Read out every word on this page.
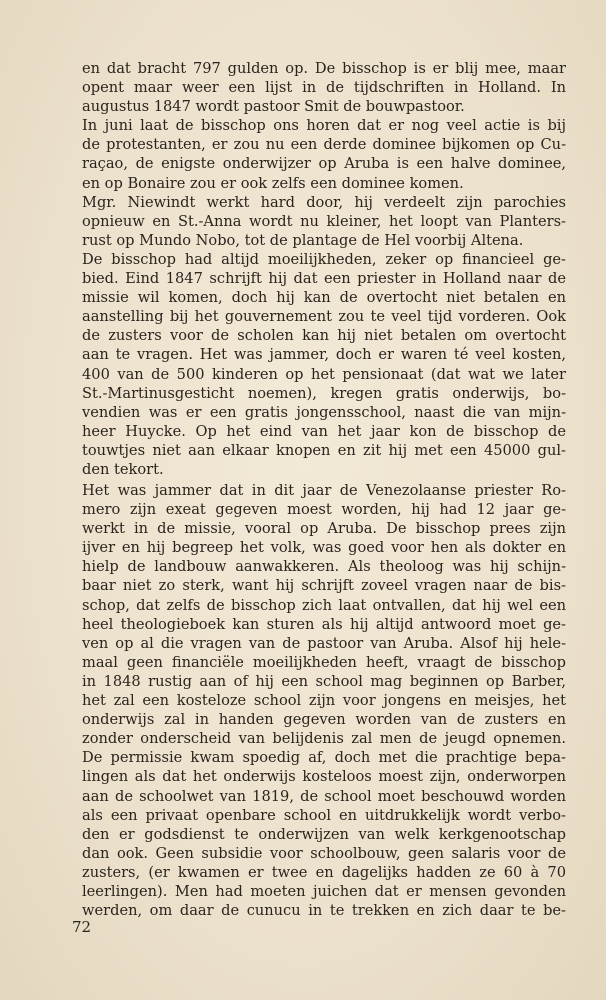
en dat bracht 797 gulden op. De bisschop is er blij mee, maar
opent maar weer een lijst in de tijdschriften in Holland. In
augustus 1847 wordt pastoor Smit de bouwpastoor.
In juni laat de bisschop ons horen dat er nog veel actie is bij
de protestanten, er zou nu een derde dominee bijkomen op Cu-
raçao, de enigste onderwijzer op Aruba is een halve dominee,
en op Bonaire zou er ook zelfs een dominee komen.
Mgr. Niewindt werkt hard door, hij verdeelt zijn parochies
opnieuw en St.-Anna wordt nu kleiner, het loopt van Planters-
rust op Mundo Nobo, tot de plantage de Hel voorbij Altena.
De bisschop had altijd moeilijkheden, zeker op financieel ge-
bied. Eind 1847 schrijft hij dat een priester in Holland naar de
missie wil komen, doch hij kan de overtocht niet betalen en
aanstelling bij het gouvernement zou te veel tijd vorderen. Ook
de zusters voor de scholen kan hij niet betalen om overtocht
aan te vragen. Het was jammer, doch er waren té veel kosten,
400 van de 500 kinderen op het pensionaat (dat wat we later
St.-Martinusgesticht noemen), kregen gratis onderwijs, bo-
vendien was er een gratis jongensschool, naast die van mijn-
heer Huycke. Op het eind van het jaar kon de bisschop de
touwtjes niet aan elkaar knopen en zit hij met een 45000 gul-
den tekort.
Het was jammer dat in dit jaar de Venezolaanse priester Ro-
mero zijn exeat gegeven moest worden, hij had 12 jaar ge-
werkt in de missie, vooral op Aruba. De bisschop prees zijn
ijver en hij begreep het volk, was goed voor hen als dokter en
hielp de landbouw aanwakkeren. Als theoloog was hij schijn-
baar niet zo sterk, want hij schrijft zoveel vragen naar de bis-
schop, dat zelfs de bisschop zich laat ontvallen, dat hij wel een
heel theologieboek kan sturen als hij altijd antwoord moet ge-
ven op al die vragen van de pastoor van Aruba. Alsof hij hele-
maal geen financiële moeilijkheden heeft, vraagt de bisschop
in 1848 rustig aan of hij een school mag beginnen op Barber,
het zal een kosteloze school zijn voor jongens en meisjes, het
onderwijs zal in handen gegeven worden van de zusters en
zonder onderscheid van belijdenis zal men de jeugd opnemen.
De permissie kwam spoedig af, doch met die prachtige bepa-
lingen als dat het onderwijs kosteloos moest zijn, onderworpen
aan de schoolwet van 1819, de school moet beschouwd worden
als een privaat openbare school en uitdrukkelijk wordt verbo-
den er godsdienst te onderwijzen van welk kerkgenootschap
dan ook. Geen subsidie voor schoolbouw, geen salaris voor de
zusters, (er kwamen er twee en dagelijks hadden ze 60 à 70
leerlingen). Men had moeten juichen dat er mensen gevonden
werden, om daar de cunucu in te trekken en zich daar te be-
72
